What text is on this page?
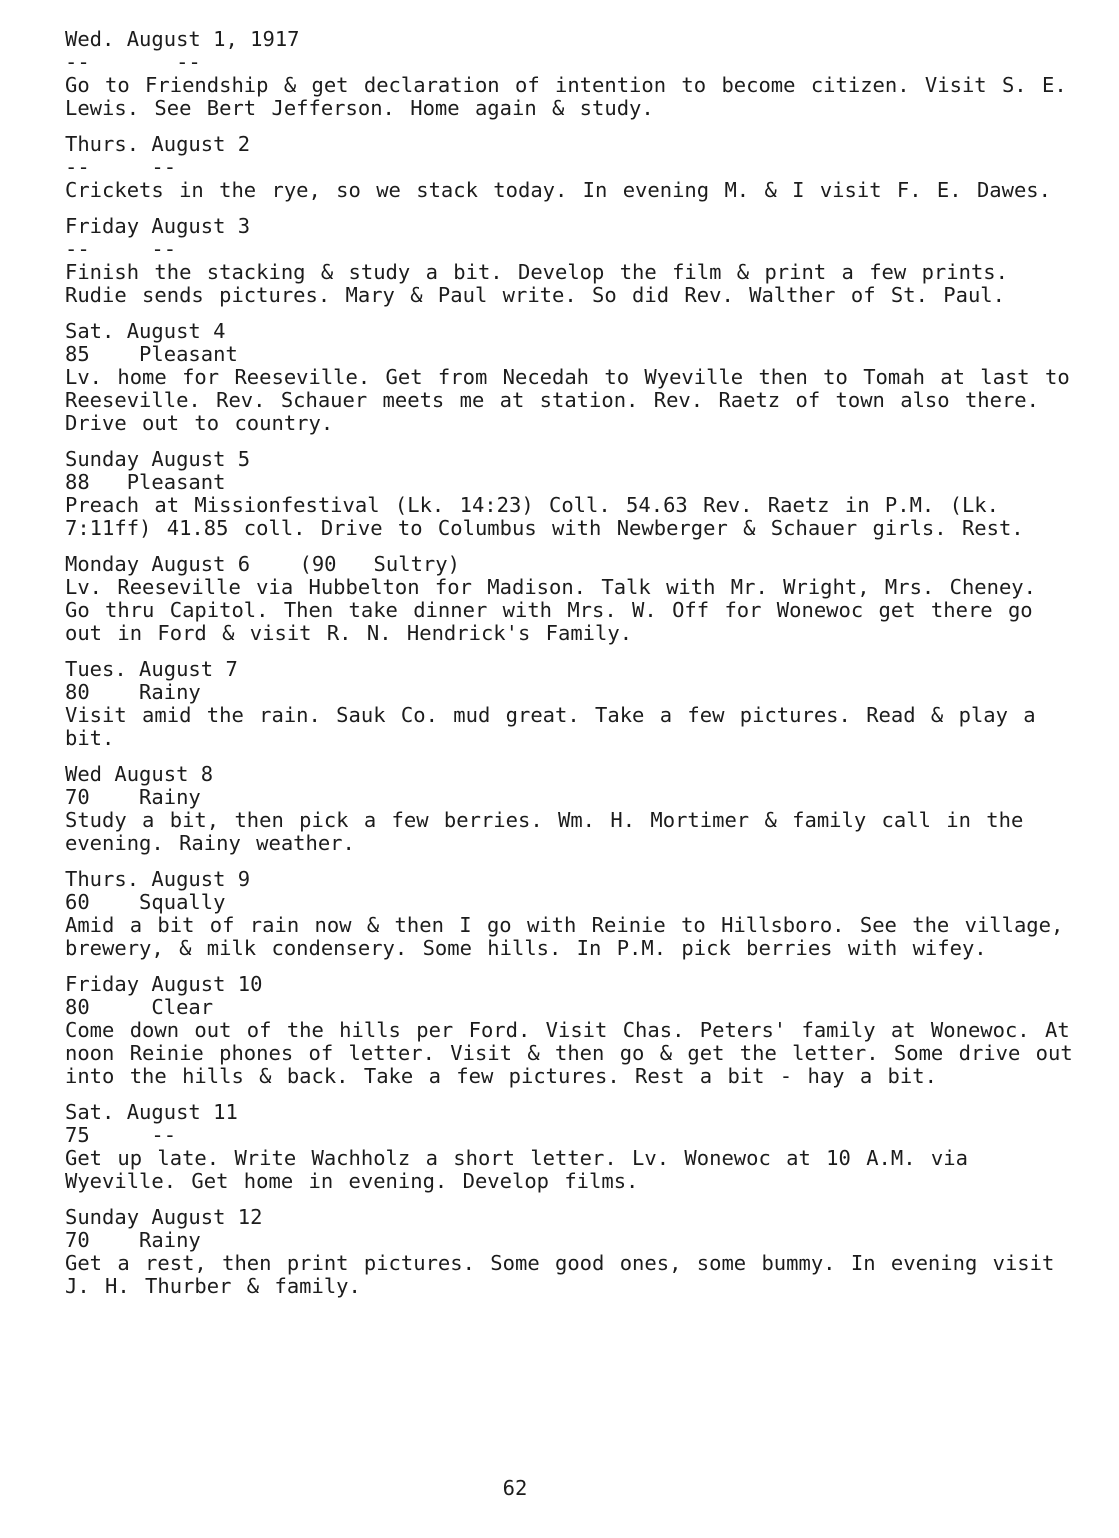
Wed. August 1, 1917
--       --
Go to Friendship & get declaration of intention to become citizen. Visit S. E. Lewis. See Bert Jefferson. Home again & study.
Thurs. August 2
--     --
Crickets in the rye, so we stack today. In evening M. & I visit F. E. Dawes.
Friday August 3
--     --
Finish the stacking & study a bit. Develop the film & print a few prints. Rudie sends pictures. Mary & Paul write. So did Rev. Walther of St. Paul.
Sat. August 4
85    Pleasant
Lv. home for Reeseville. Get from Necedah to Wyeville then to Tomah at last to Reeseville. Rev. Schauer meets me at station. Rev. Raetz of town also there. Drive out to country.
Sunday August 5
88   Pleasant
Preach at Missionfestival (Lk. 14:23) Coll. 54.63 Rev. Raetz in P.M. (Lk. 7:11ff) 41.85 coll. Drive to Columbus with Newberger & Schauer girls. Rest.
Monday August 6    (90   Sultry)
Lv. Reeseville via Hubbelton for Madison. Talk with Mr. Wright, Mrs. Cheney. Go thru Capitol. Then take dinner with Mrs. W. Off for Wonewoc get there go out in Ford & visit R. N. Hendrick's Family.
Tues. August 7
80    Rainy
Visit amid the rain. Sauk Co. mud great. Take a few pictures. Read & play a bit.
Wed August 8
70    Rainy
Study a bit, then pick a few berries. Wm. H. Mortimer & family call in the evening. Rainy weather.
Thurs. August 9
60    Squally
Amid a bit of rain now & then I go with Reinie to Hillsboro. See the village, brewery, & milk condensery. Some hills. In P.M. pick berries with wifey.
Friday August 10
80     Clear
Come down out of the hills per Ford. Visit Chas. Peters' family at Wonewoc. At noon Reinie phones of letter. Visit & then go & get the letter. Some drive out into the hills & back. Take a few pictures. Rest a bit - hay a bit.
Sat. August 11
75     --
Get up late. Write Wachholz a short letter. Lv. Wonewoc at 10 A.M. via Wyeville. Get home in evening. Develop films.
Sunday August 12
70    Rainy
Get a rest, then print pictures. Some good ones, some bummy. In evening visit J. H. Thurber & family.
62
